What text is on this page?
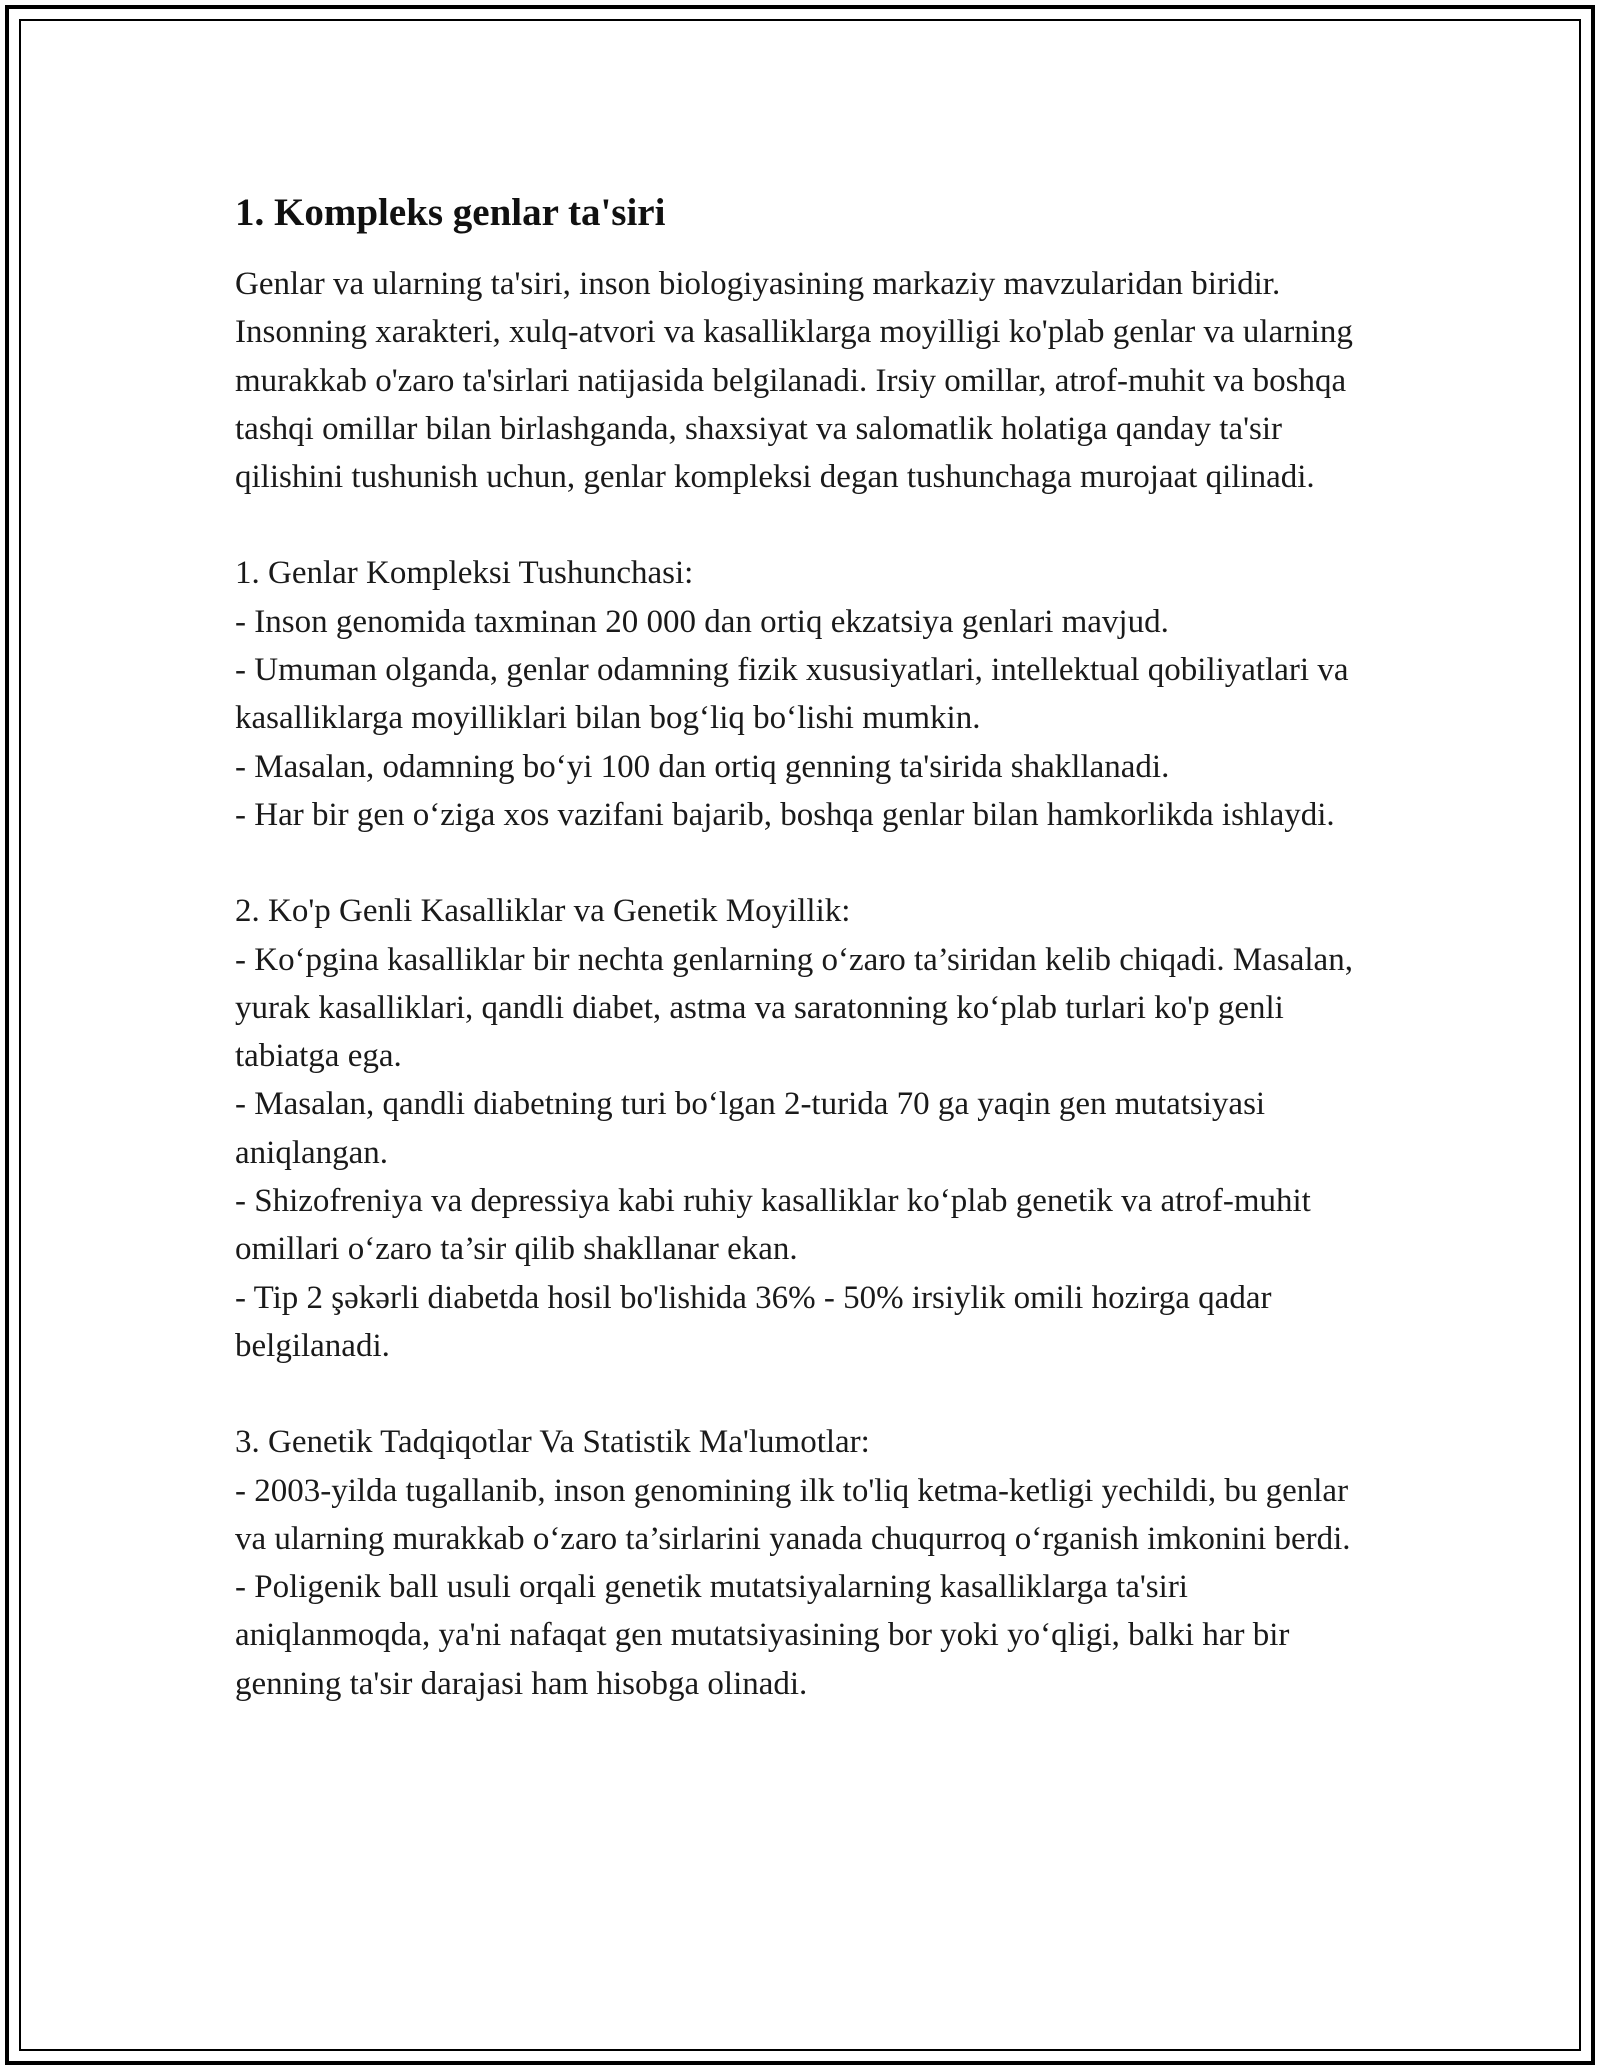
1. Kompleks genlar ta'siri

Genlar va ularning ta'siri, inson biologiyasining markaziy mavzularidan biridir. Insonning xarakteri, xulq-atvori va kasalliklarga moyilligi ko'plab genlar va ularning murakkab o'zaro ta'sirlari natijasida belgilanadi. Irsiy omillar, atrof-muhit va boshqa tashqi omillar bilan birlashganda, shaxsiyat va salomatlik holatiga qanday ta'sir qilishini tushunish uchun, genlar kompleksi degan tushunchaga murojaat qilinadi.

1. Genlar Kompleksi Tushunchasi:

- Inson genomida taxminan 20 000 dan ortiq ekzatsiya genlari mavjud.

- Umuman olganda, genlar odamning fizik xususiyatlari, intellektual qobiliyatlari va kasalliklarga moyilliklari bilan bog‘liq bo‘lishi mumkin.

- Masalan, odamning bo‘yi 100 dan ortiq genning ta'sirida shakllanadi.

- Har bir gen o‘ziga xos vazifani bajarib, boshqa genlar bilan hamkorlikda ishlaydi.

2. Ko'p Genli Kasalliklar va Genetik Moyillik:

- Ko‘pgina kasalliklar bir nechta genlarning o‘zaro ta’siridan kelib chiqadi. Masalan, yurak kasalliklari, qandli diabet, astma va saratonning ko‘plab turlari ko'p genli tabiatga ega.

- Masalan, qandli diabetning turi bo‘lgan 2-turida 70 ga yaqin gen mutatsiyasi aniqlangan.

- Shizofreniya va depressiya kabi ruhiy kasalliklar ko‘plab genetik va atrof-muhit omillari o‘zaro ta’sir qilib shakllanar ekan.

- Tip 2 şəkərli diabetda hosil bo'lishida 36% - 50% irsiylik omili hozirga qadar belgilanadi.

3. Genetik Tadqiqotlar Va Statistik Ma'lumotlar:

- 2003-yilda tugallanib, inson genomining ilk to'liq ketma-ketligi yechildi, bu genlar va ularning murakkab o‘zaro ta’sirlarini yanada chuqurroq o‘rganish imkonini berdi.

- Poligenik ball usuli orqali genetik mutatsiyalarning kasalliklarga ta'siri aniqlanmoqda, ya'ni nafaqat gen mutatsiyasining bor yoki yo‘qligi, balki har bir genning ta'sir darajasi ham hisobga olinadi.
